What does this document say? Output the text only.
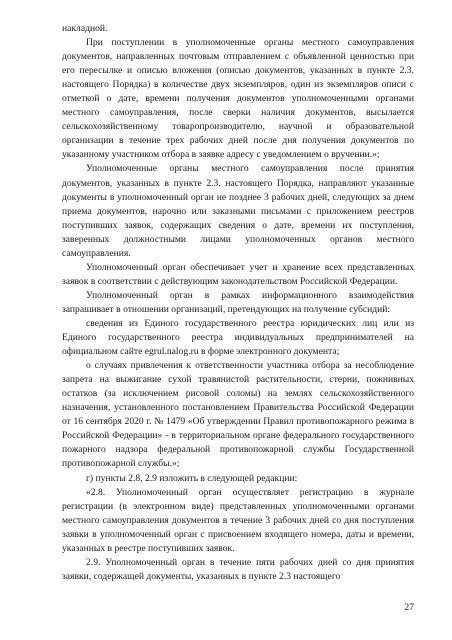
накладной.

При поступлении в уполномоченные органы местного самоуправления документов, направленных почтовым отправлением с объявленной ценностью при его пересылке и описью вложения (описью документов, указанных в пункте 2.3. настоящего Порядка) в количестве двух экземпляров, один из экземпляров описи с отметкой о дате, времени получения документов уполномоченными органами местного самоуправления, после сверки наличия документов, высылается сельскохозяйственному товаропроизводителю, научной и образовательной организации в течение трех рабочих дней после дня получения документов по указанному участником отбора в заявке адресу с уведомлением о вручении.»;

Уполномоченные органы местного самоуправления после принятия документов, указанных в пункте 2.3. настоящего Порядка, направляют указанные документы в уполномоченный орган не позднее 3 рабочих дней, следующих за днем приема документов, нарочно или заказными письмами с приложением реестров поступивших заявок, содержащих сведения о дате, времени их поступления, заверенных должностными лицами уполномоченных органов местного самоуправления.

Уполномоченный орган обеспечивает учет и хранение всех представленных заявок в соответствии с действующим законодательством Российской Федерации.

Уполномоченный орган в рамках информационного взаимодействия запрашивает в отношении организаций, претендующих на получение субсидий:

сведения из Единого государственного реестра юридических лиц или из Единого государственного реестра индивидуальных предпринимателей на официальном сайте egrul.nalog.ru в форме электронного документа;

о случаях привлечения к ответственности участника отбора за несоблюдение запрета на выжигание сухой травянистой растительности, стерни, пожнивных остатков (за исключением рисовой соломы) на землях сельскохозяйственного назначения, установленного постановлением Правительства Российской Федерации от 16 сентября 2020 г. № 1479 «Об утверждении Правил противопожарного режима в Российской Федерации» - в территориальном органе федерального государственного пожарного надзора федеральной противопожарной службы Государственной противопожарной службы.»;

г) пункты 2.8, 2.9 изложить в следующей редакции:

«2.8. Уполномоченный орган осуществляет регистрацию в журнале регистрации (в электронном виде) представленных уполномоченными органами местного самоуправления документов в течение 3 рабочих дней со дня поступления заявки в уполномоченный орган с присвоением входящего номера, даты и времени, указанных в реестре поступивших заявок.

2.9. Уполномоченный орган в течение пяти рабочих дней со дня принятия заявки, содержащей документы, указанных в пункте 2.3 настоящего

27
